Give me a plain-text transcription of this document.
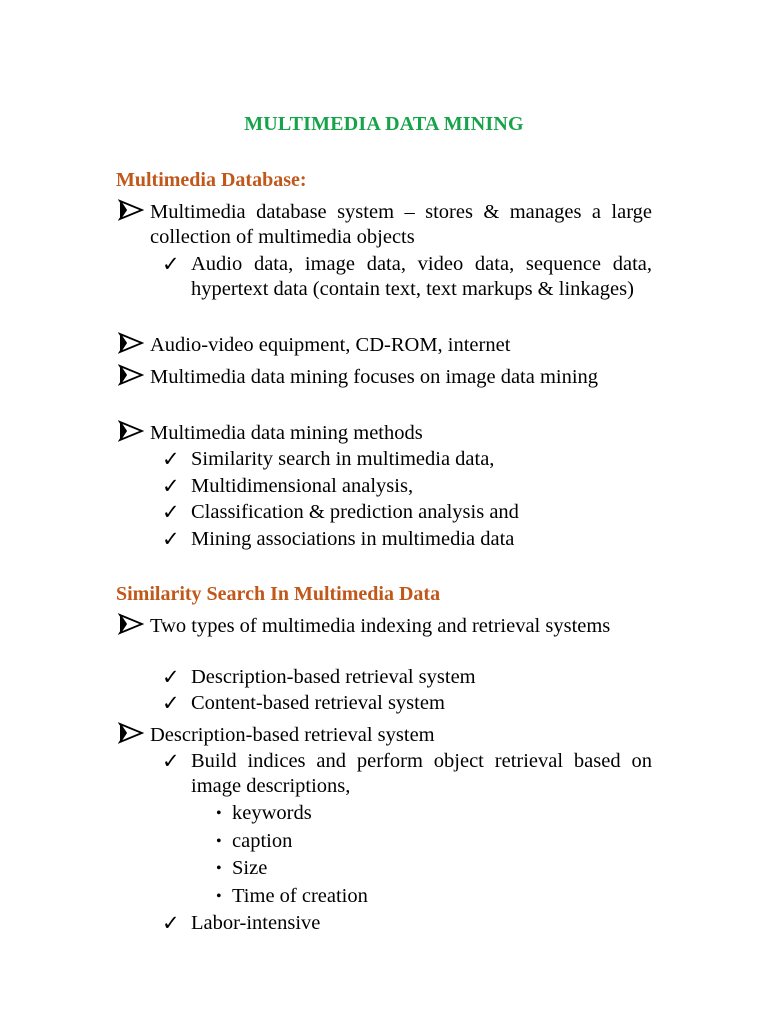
MULTIMEDIA DATA MINING
Multimedia Database:
Multimedia database system – stores & manages a large collection of multimedia objects
✓ Audio data, image data, video data, sequence data, hypertext data (contain text, text markups & linkages)
Audio-video equipment, CD-ROM, internet
Multimedia data mining focuses on image data mining
Multimedia data mining methods
✓ Similarity search in multimedia data,
✓ Multidimensional analysis,
✓ Classification & prediction analysis and
✓ Mining associations in multimedia data
Similarity Search In Multimedia Data
Two types of multimedia indexing and retrieval systems
✓ Description-based retrieval system
✓ Content-based retrieval system
Description-based retrieval system
✓ Build indices and perform object retrieval based on image descriptions,
• keywords
• caption
• Size
• Time of creation
✓ Labor-intensive
